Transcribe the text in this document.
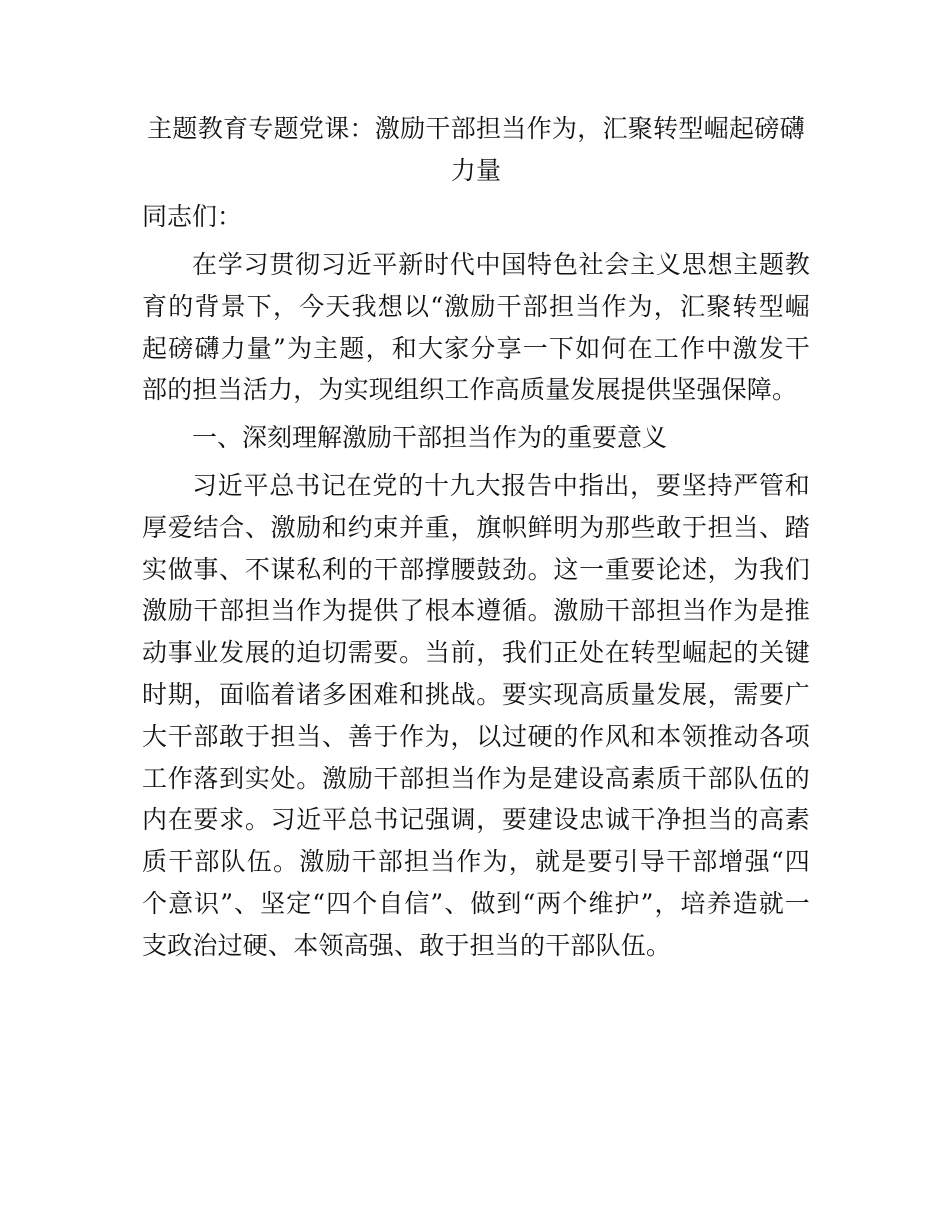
主题教育专题党课：激励干部担当作为，汇聚转型崛起磅礴力量

同志们：

在学习贯彻习近平新时代中国特色社会主义思想主题教育的背景下，今天我想以“激励干部担当作为，汇聚转型崛起磅礴力量”为主题，和大家分享一下如何在工作中激发干部的担当活力，为实现组织工作高质量发展提供坚强保障。

一、深刻理解激励干部担当作为的重要意义

习近平总书记在党的十九大报告中指出，要坚持严管和厚爱结合、激励和约束并重，旗帜鲜明为那些敢于担当、踏实做事、不谋私利的干部撑腰鼓劲。这一重要论述，为我们激励干部担当作为提供了根本遵循。激励干部担当作为是推动事业发展的迫切需要。当前，我们正处在转型崛起的关键时期，面临着诸多困难和挑战。要实现高质量发展，需要广大干部敢于担当、善于作为，以过硬的作风和本领推动各项工作落到实处。激励干部担当作为是建设高素质干部队伍的内在要求。习近平总书记强调，要建设忠诚干净担当的高素质干部队伍。激励干部担当作为，就是要引导干部增强“四个意识”、坚定“四个自信”、做到“两个维护”，培养造就一支政治过硬、本领高强、敢于担当的干部队伍。
